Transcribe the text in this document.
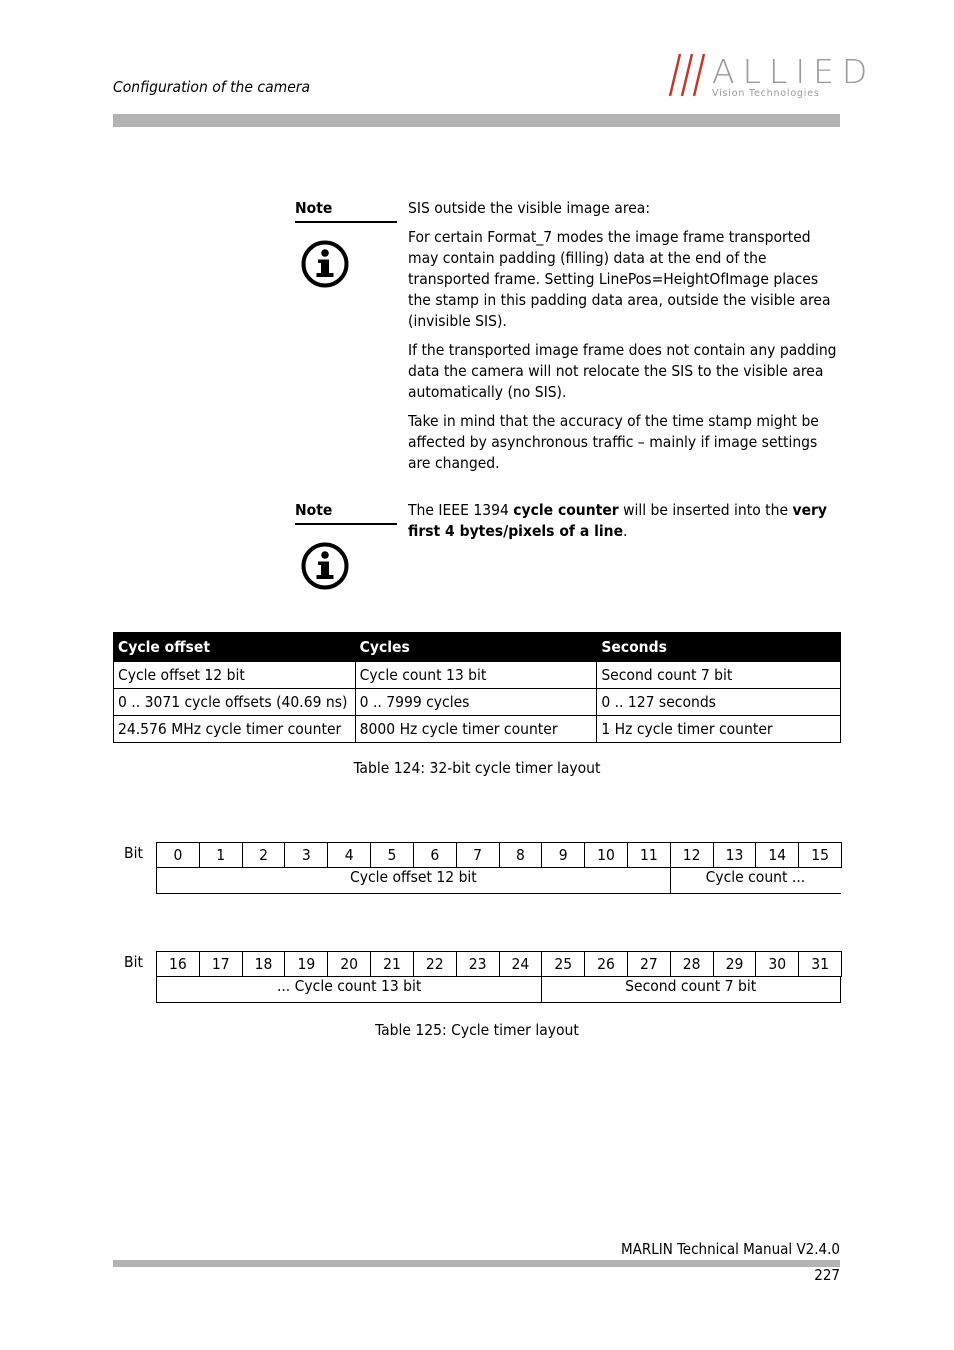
Configuration of the camera	ALLIED
Vision Technologies
Note	SIS outside the visible image area:

For certain Format_7 modes the image frame transported may contain padding (filling) data at the end of the transported frame. Setting LinePos=HeightOfImage places the stamp in this padding data area, outside the visible area (invisible SIS).

If the transported image frame does not contain any padding data the camera will not relocate the SIS to the visible area automatically (no SIS).

Take in mind that the accuracy of the time stamp might be affected by asynchronous traffic – mainly if image settings are changed.

Note	The IEEE 1394 cycle counter will be inserted into the very first 4 bytes/pixels of a line.

Cycle offset	Cycles	Seconds
Cycle offset 12 bit	Cycle count 13 bit	Second count 7 bit
0 .. 3071 cycle offsets (40.69 ns)	0 .. 7999 cycles	0 .. 127 seconds
24.576 MHz cycle timer counter	8000 Hz cycle timer counter	1 Hz cycle timer counter
Table 124: 32-bit cycle timer layout
Bit	0	1	2	3	4	5	6	7	8	9	10	11	12	13	14	15
Cycle offset 12 bit	Cycle count ...
Bit	16	17	18	19	20	21	22	23	24	25	26	27	28	29	30	31
... Cycle count 13 bit	Second count 7 bit
Table 125: Cycle timer layout
MARLIN Technical Manual V2.4.0
227
